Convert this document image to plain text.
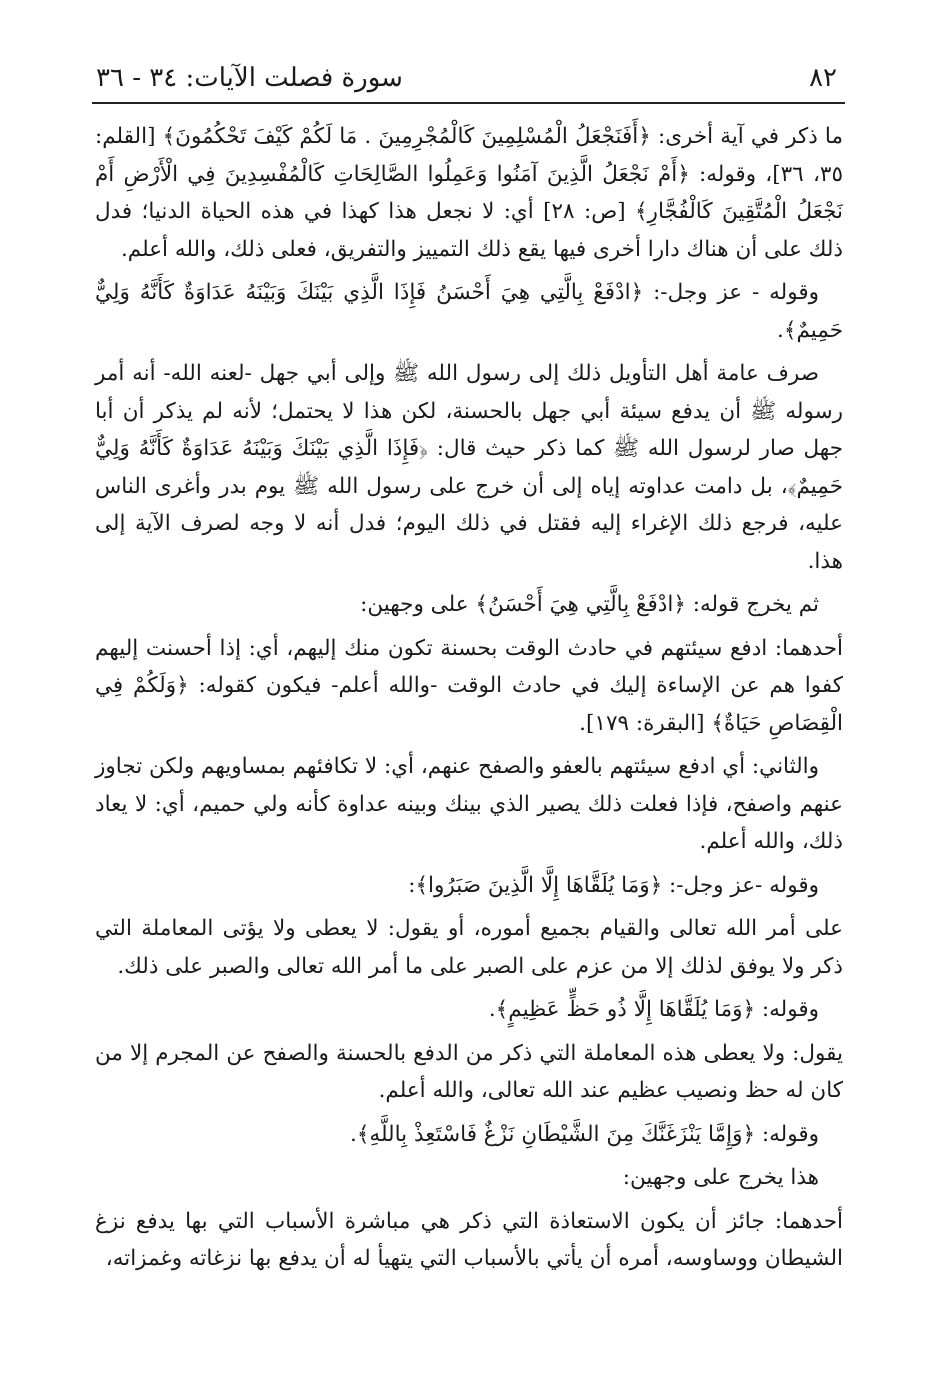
٨٢
سورة فصلت الآيات: ٣٤ - ٣٦

ما ذكر في آية أخرى: ﴿أَفَنَجْعَلُ الْمُسْلِمِينَ كَالْمُجْرِمِينَ . مَا لَكُمْ كَيْفَ تَحْكُمُونَ﴾ [القلم: ٣٥، ٣٦]، وقوله: ﴿أَمْ نَجْعَلُ الَّذِينَ آمَنُوا وَعَمِلُوا الصَّالِحَاتِ كَالْمُفْسِدِينَ فِي الْأَرْضِ أَمْ نَجْعَلُ الْمُتَّقِينَ كَالْفُجَّارِ﴾ [ص: ٢٨] أي: لا نجعل هذا كهذا في هذه الحياة الدنيا؛ فدل ذلك على أن هناك دارا أخرى فيها يقع ذلك التمييز والتفريق، فعلى ذلك، والله أعلم.

وقوله - عز وجل-: ﴿ادْفَعْ بِالَّتِي هِيَ أَحْسَنُ فَإِذَا الَّذِي بَيْنَكَ وَبَيْنَهُ عَدَاوَةٌ كَأَنَّهُ وَلِيٌّ حَمِيمٌ﴾.

صرف عامة أهل التأويل ذلك إلى رسول الله ﷺ وإلى أبي جهل -لعنه الله- أنه أمر رسوله ﷺ أن يدفع سيئة أبي جهل بالحسنة، لكن هذا لا يحتمل؛ لأنه لم يذكر أن أبا جهل صار لرسول الله ﷺ كما ذكر حيث قال: ﴿فَإِذَا الَّذِي بَيْنَكَ وَبَيْنَهُ عَدَاوَةٌ كَأَنَّهُ وَلِيٌّ حَمِيمٌ﴾، بل دامت عداوته إياه إلى أن خرج على رسول الله ﷺ يوم بدر وأغرى الناس عليه، فرجع ذلك الإغراء إليه فقتل في ذلك اليوم؛ فدل أنه لا وجه لصرف الآية إلى هذا.

ثم يخرج قوله: ﴿ادْفَعْ بِالَّتِي هِيَ أَحْسَنُ﴾ على وجهين:

أحدهما: ادفع سيئتهم في حادث الوقت بحسنة تكون منك إليهم، أي: إذا أحسنت إليهم كفوا هم عن الإساءة إليك في حادث الوقت -والله أعلم- فيكون كقوله: ﴿وَلَكُمْ فِي الْقِصَاصِ حَيَاةٌ﴾ [البقرة: ١٧٩].

والثاني: أي ادفع سيئتهم بالعفو والصفح عنهم، أي: لا تكافئهم بمساويهم ولكن تجاوز عنهم واصفح، فإذا فعلت ذلك يصير الذي بينك وبينه عداوة كأنه ولي حميم، أي: لا يعاد ذلك، والله أعلم.

وقوله -عز وجل-: ﴿وَمَا يُلَقَّاهَا إِلَّا الَّذِينَ صَبَرُوا﴾:

على أمر الله تعالى والقيام بجميع أموره، أو يقول: لا يعطى ولا يؤتى المعاملة التي ذكر ولا يوفق لذلك إلا من عزم على الصبر على ما أمر الله تعالى والصبر على ذلك.

وقوله: ﴿وَمَا يُلَقَّاهَا إِلَّا ذُو حَظٍّ عَظِيمٍ﴾.

يقول: ولا يعطى هذه المعاملة التي ذكر من الدفع بالحسنة والصفح عن المجرم إلا من كان له حظ ونصيب عظيم عند الله تعالى، والله أعلم.

وقوله: ﴿وَإِمَّا يَنْزَغَنَّكَ مِنَ الشَّيْطَانِ نَزْغٌ فَاسْتَعِذْ بِاللَّهِ﴾.

هذا يخرج على وجهين:

أحدهما: جائز أن يكون الاستعاذة التي ذكر هي مباشرة الأسباب التي بها يدفع نزغ الشيطان ووساوسه، أمره أن يأتي بالأسباب التي يتهيأ له أن يدفع بها نزغاته وغمزاته،
